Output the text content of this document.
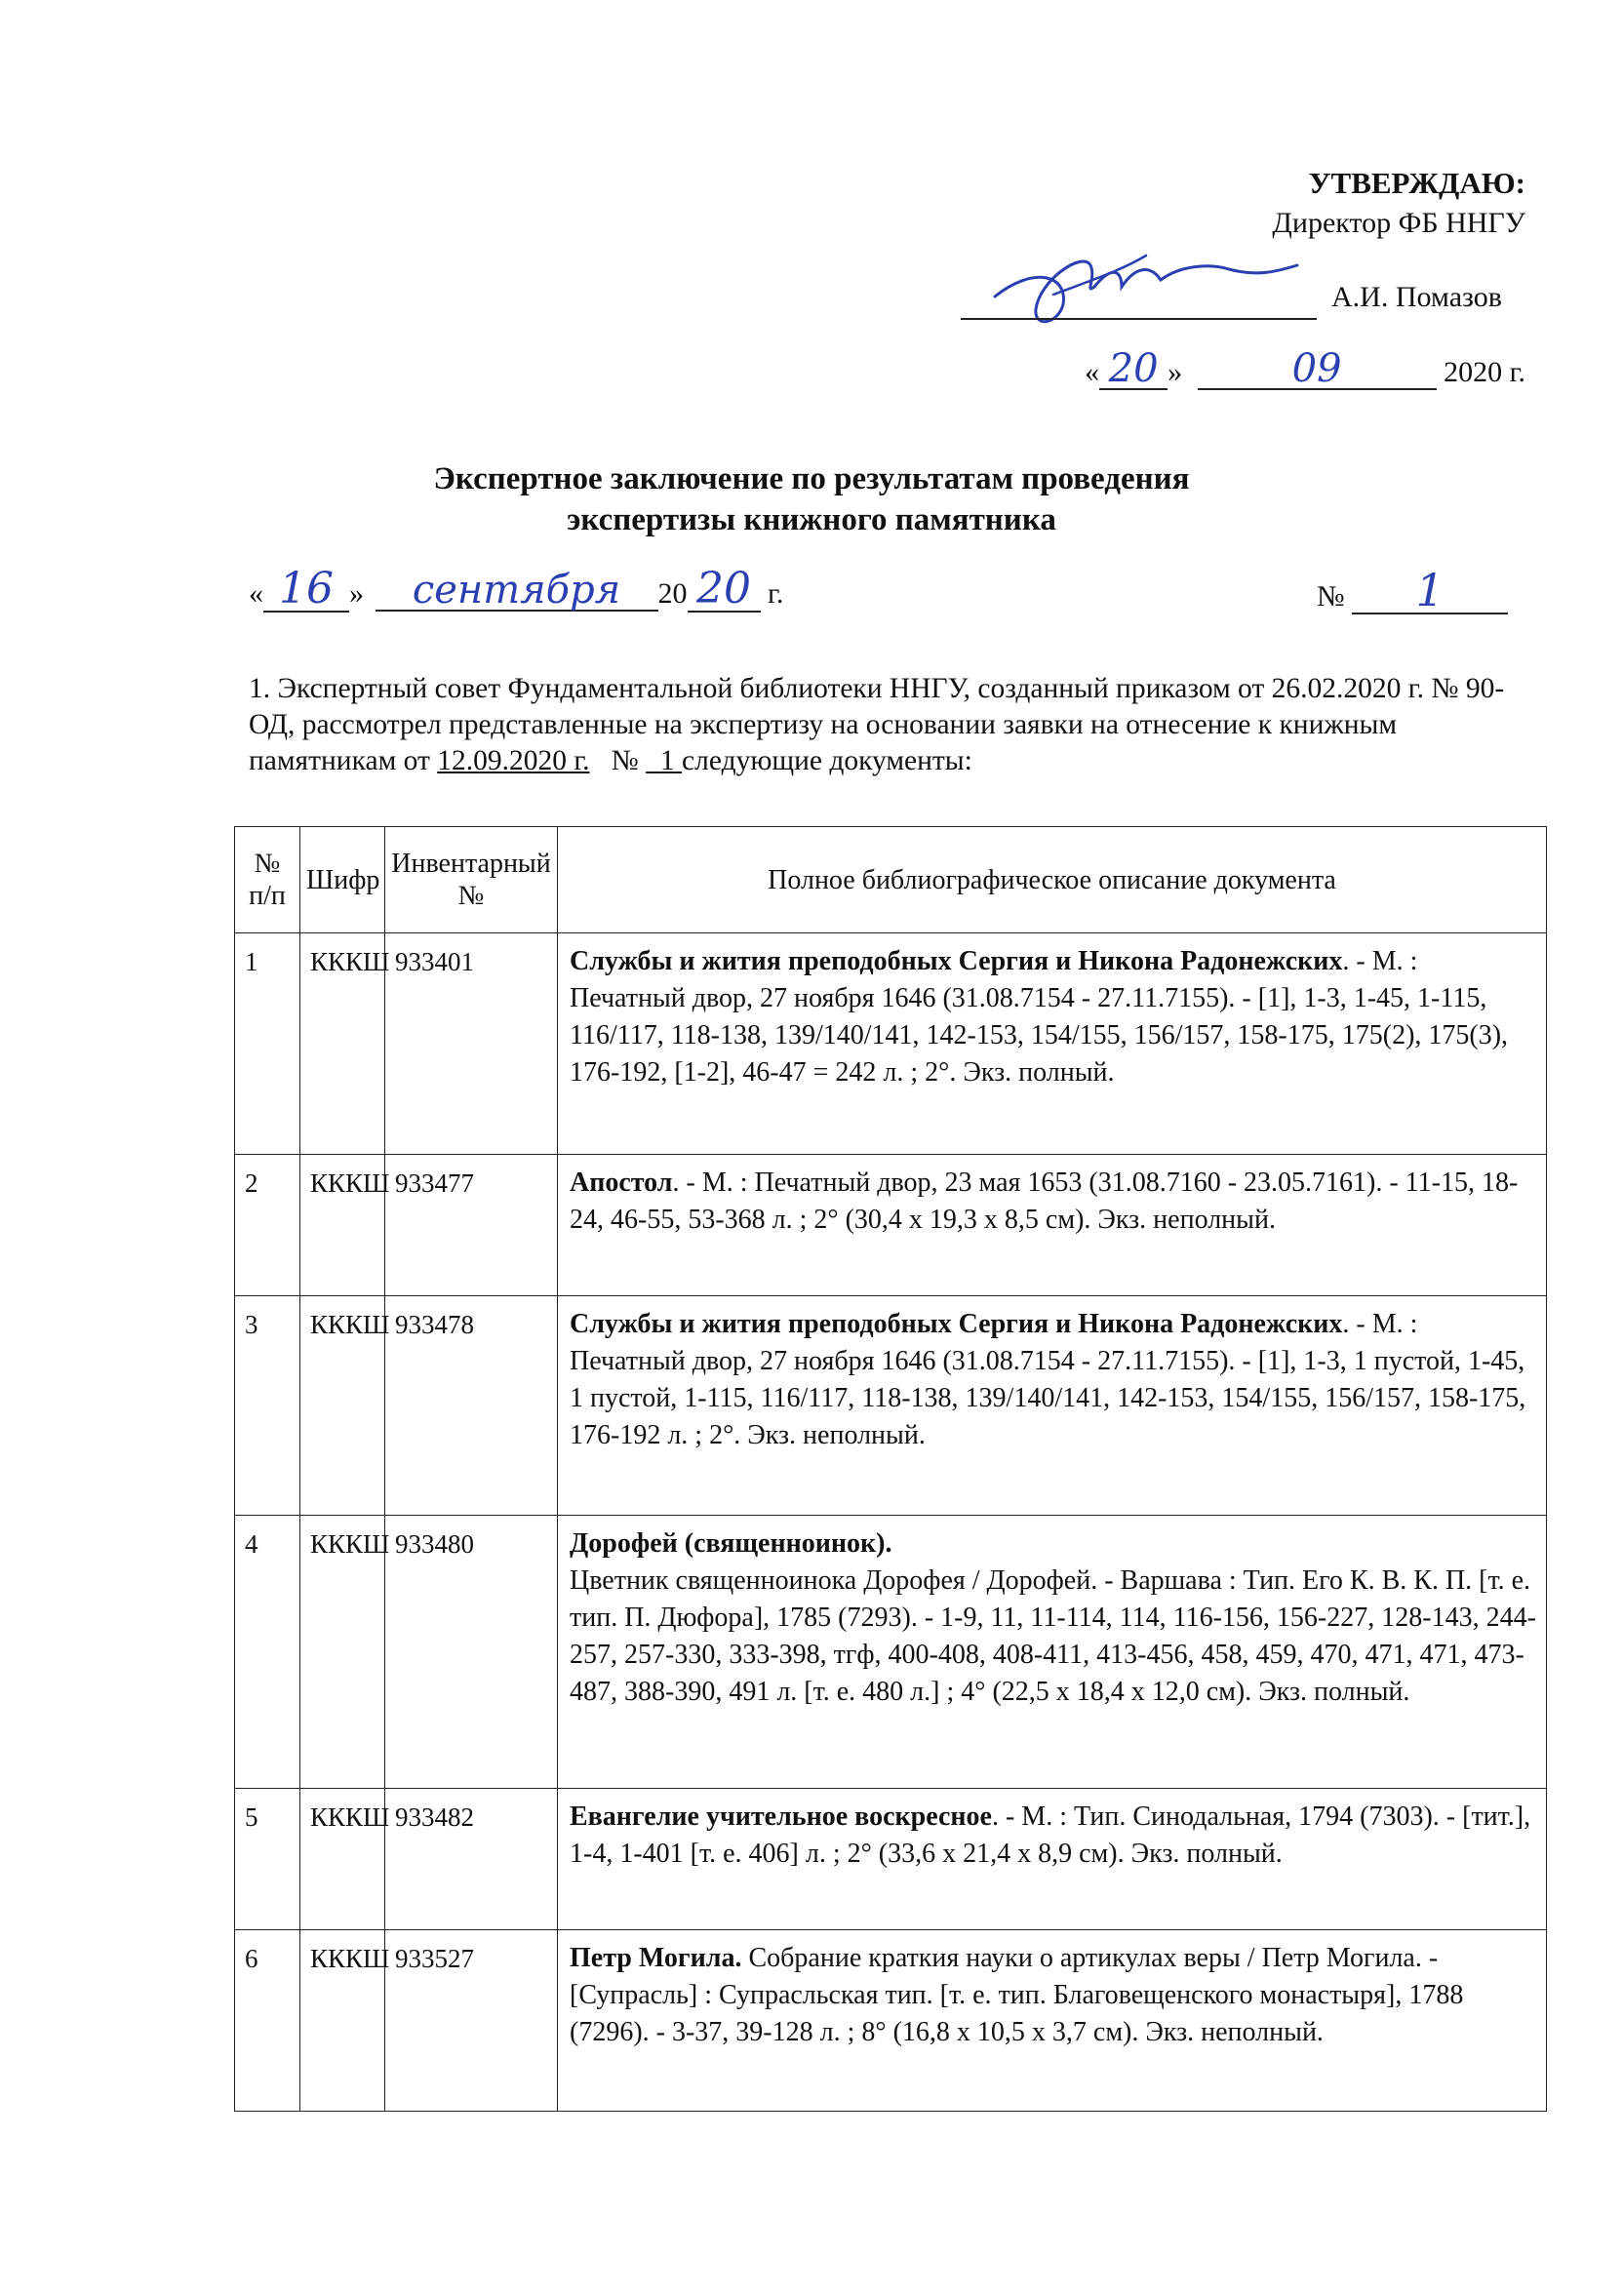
УТВЕРЖДАЮ:
Директор ФБ ННГУ
А.И. Помазов
« 20 »	09	2020 г.
Экспертное заключение по результатам проведения
экспертизы книжного памятника
« 16 » сентября 20 20 г.	№ 1
1. Экспертный совет Фундаментальной библиотеки ННГУ, созданный приказом от 26.02.2020 г. № 90-ОД, рассмотрел представленные на экспертизу на основании заявки на отнесение к книжным памятникам от 12.09.2020 г. № 1 следующие документы:
№ п/п	Шифр	Инвентарный №	Полное библиографическое описание документа
1	КККШ	933401	Службы и жития преподобных Сергия и Никона Радонежских. - М. : Печатный двор, 27 ноября 1646 (31.08.7154 - 27.11.7155). - [1], 1-3, 1-45, 1-115, 116/117, 118-138, 139/140/141, 142-153, 154/155, 156/157, 158-175, 175(2), 175(3), 176-192, [1-2], 46-47 = 242 л. ; 2°. Экз. полный.
2	КККШ	933477	Апостол. - М. : Печатный двор, 23 мая 1653 (31.08.7160 - 23.05.7161). - 11-15, 18-24, 46-55, 53-368 л. ; 2° (30,4 х 19,3 х 8,5 см). Экз. неполный.
3	КККШ	933478	Службы и жития преподобных Сергия и Никона Радонежских. - М. : Печатный двор, 27 ноября 1646 (31.08.7154 - 27.11.7155). - [1], 1-3, 1 пустой, 1-45, 1 пустой, 1-115, 116/117, 118-138, 139/140/141, 142-153, 154/155, 156/157, 158-175, 176-192 л. ; 2°. Экз. неполный.
4	КККШ	933480	Дорофей (священноинок).
Цветник священноинока Дорофея / Дорофей. - Варшава : Тип. Его К. В. К. П. [т. е. тип. П. Дюфора], 1785 (7293). - 1-9, 11, 11-114, 114, 116-156, 156-227, 128-143, 244-257, 257-330, 333-398, тгф, 400-408, 408-411, 413-456, 458, 459, 470, 471, 471, 473-487, 388-390, 491 л. [т. е. 480 л.] ; 4° (22,5 х 18,4 х 12,0 см). Экз. полный.

5	КККШ	933482	Евангелие учительное воскресное. - М. : Тип. Синодальная, 1794 (7303). - [тит.], 1-4, 1-401 [т. е. 406] л. ; 2° (33,6 х 21,4 х 8,9 см). Экз. полный.
6	КККШ	933527	Петр Могила. Собрание краткия науки о артикулах веры / Петр Могила. - [Супрасль] : Супрасльская тип. [т. е. тип. Благовещенского монастыря], 1788 (7296). - 3-37, 39-128 л. ; 8° (16,8 х 10,5 х 3,7 см). Экз. неполный.
